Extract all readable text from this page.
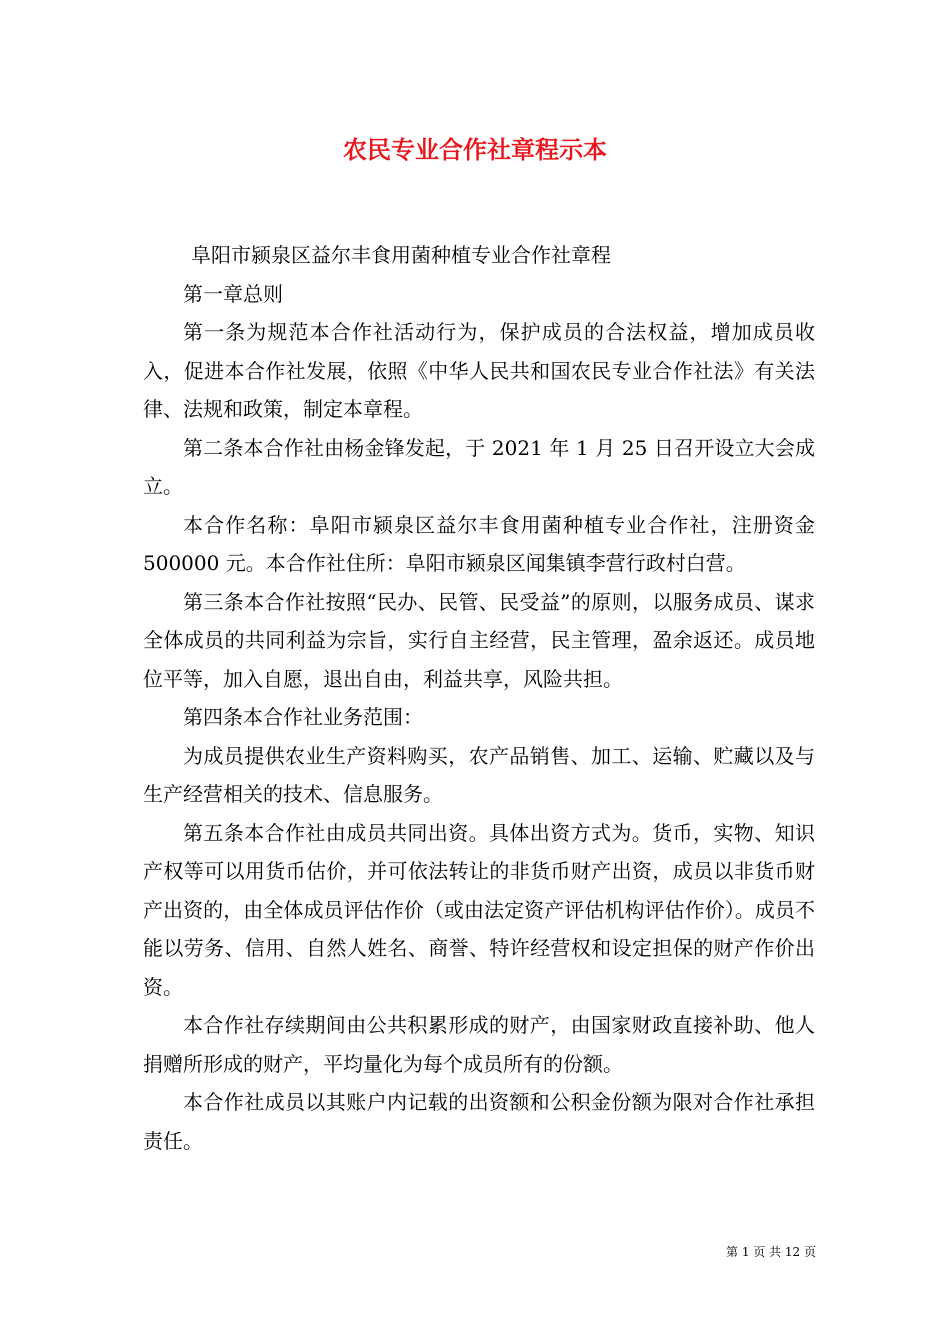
农民专业合作社章程示本

阜阳市颍泉区益尔丰食用菌种植专业合作社章程

第一章总则

第一条为规范本合作社活动行为，保护成员的合法权益，增加成员收入，促进本合作社发展，依照《中华人民共和国农民专业合作社法》有关法律、法规和政策，制定本章程。

第二条本合作社由杨金锋发起，于 2021 年 1 月 25 日召开设立大会成立。

本合作名称：阜阳市颍泉区益尔丰食用菌种植专业合作社，注册资金 500000 元。本合作社住所：阜阳市颍泉区闻集镇李营行政村白营。

第三条本合作社按照“民办、民管、民受益”的原则，以服务成员、谋求全体成员的共同利益为宗旨，实行自主经营，民主管理，盈余返还。成员地位平等，加入自愿，退出自由，利益共享，风险共担。

第四条本合作社业务范围：

为成员提供农业生产资料购买，农产品销售、加工、运输、贮藏以及与生产经营相关的技术、信息服务。

第五条本合作社由成员共同出资。具体出资方式为。货币，实物、知识产权等可以用货币估价，并可依法转让的非货币财产出资，成员以非货币财产出资的，由全体成员评估作价（或由法定资产评估机构评估作价）。成员不能以劳务、信用、自然人姓名、商誉、特许经营权和设定担保的财产作价出资。

本合作社存续期间由公共积累形成的财产，由国家财政直接补助、他人捐赠所形成的财产，平均量化为每个成员所有的份额。

本合作社成员以其账户内记载的出资额和公积金份额为限对合作社承担责任。

第 1 页 共 12 页
